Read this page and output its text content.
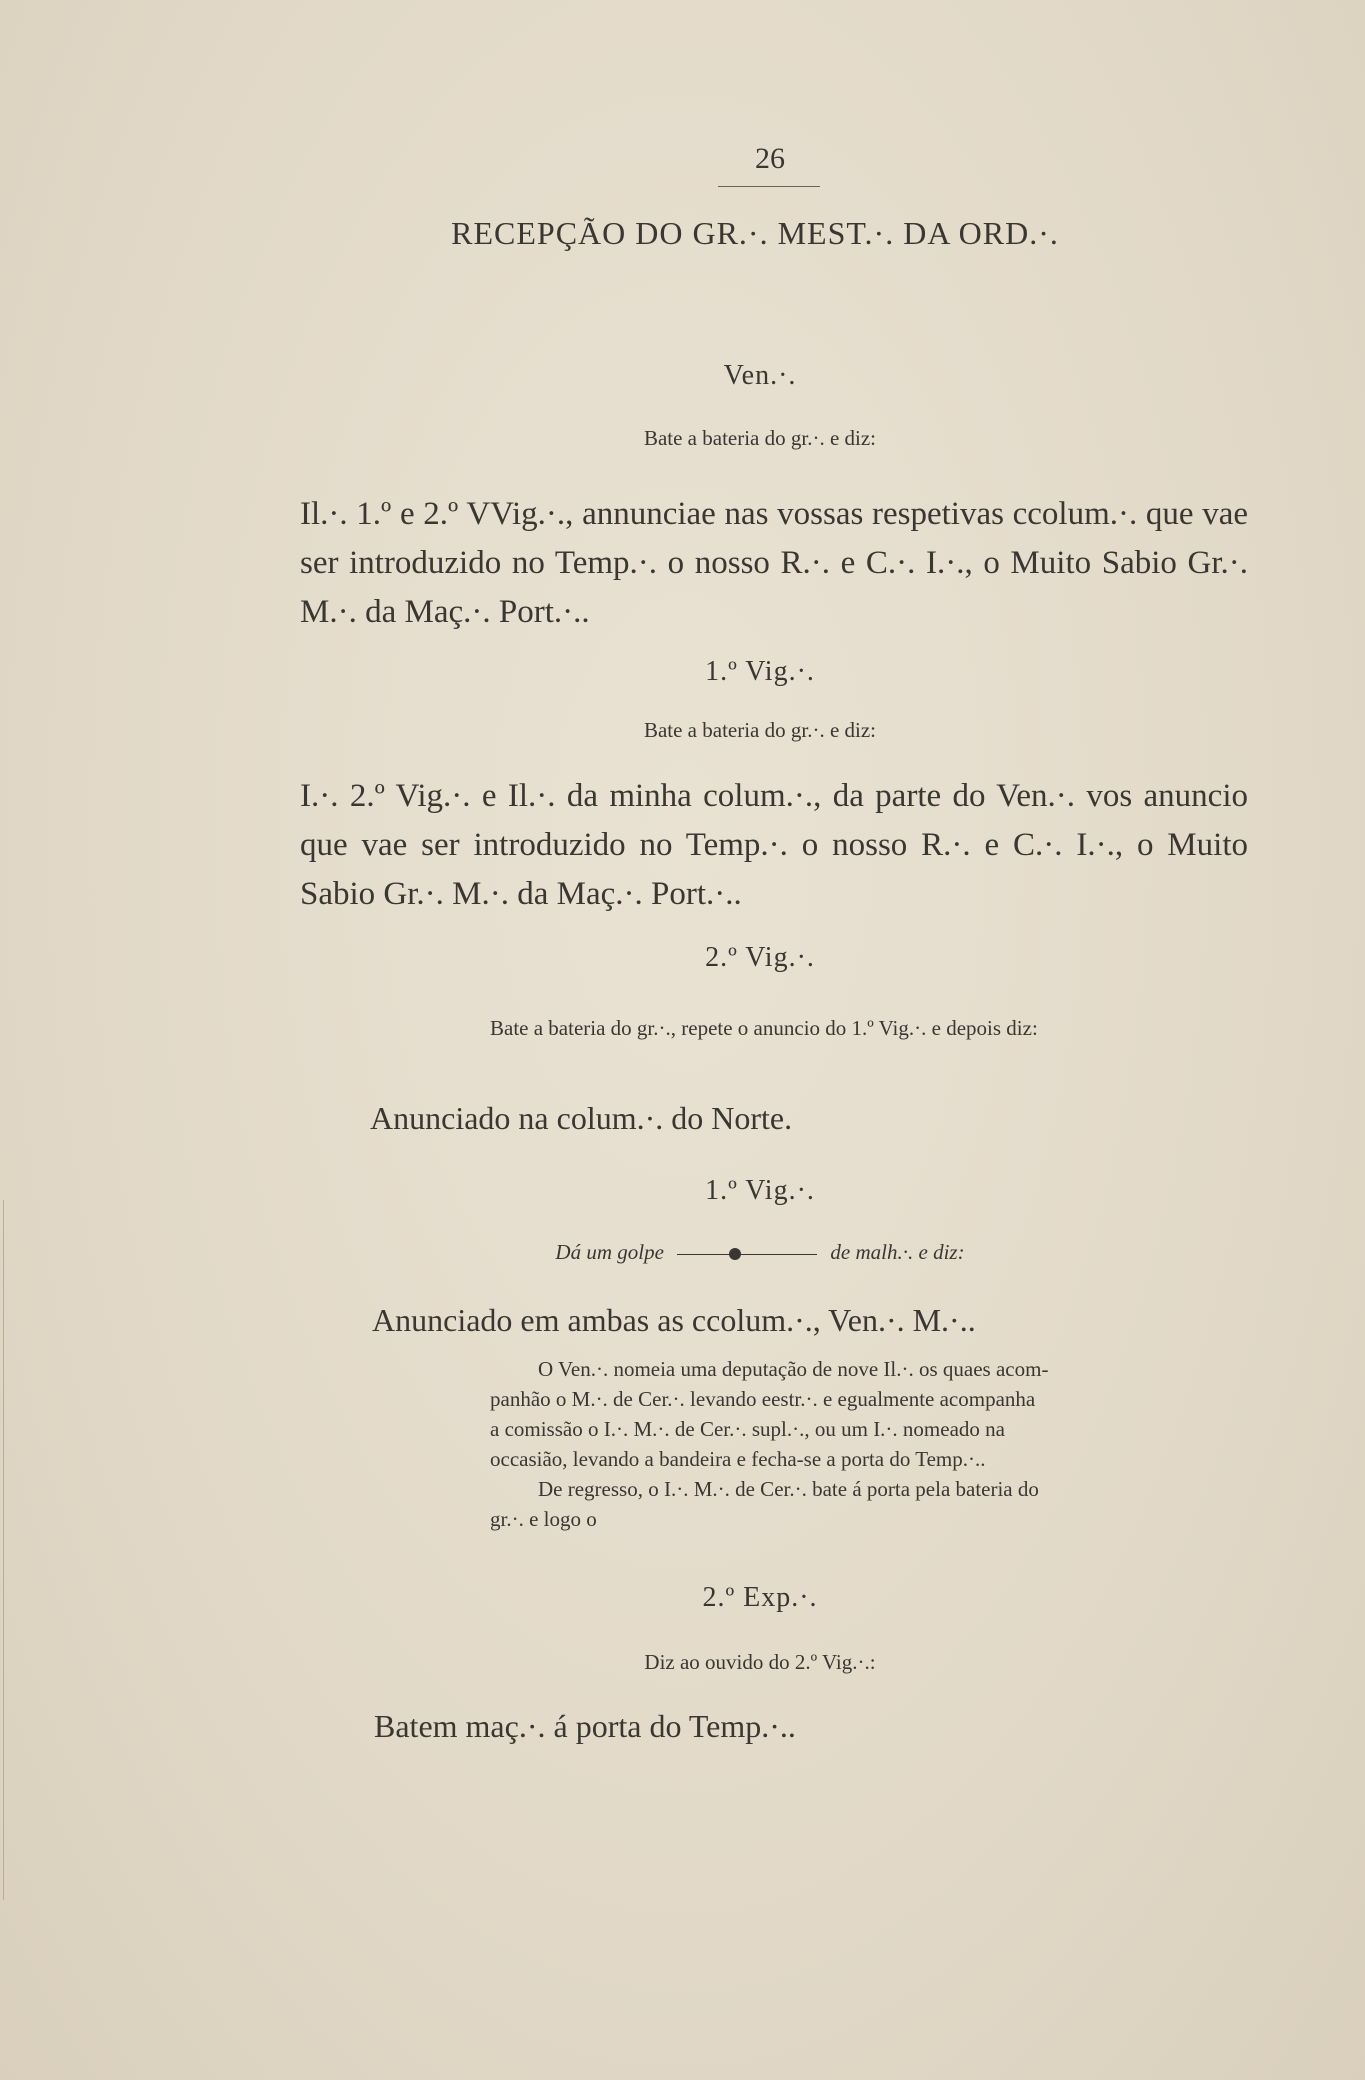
26
RECEPÇÃO DO GR.·. MEST.·. DA ORD.·.
Ven.·.
Bate a bateria do gr.·. e diz:
Il.·. 1.º e 2.º VVig.·., annunciae nas vossas respetivas ccolum.·. que vae ser introduzido no Temp.·. o nosso R.·. e C.·. I.·., o Muito Sabio Gr.·. M.·. da Maç.·. Port.·..
1.º Vig.·.
Bate a bateria do gr.·. e diz:
I.·. 2.º Vig.·. e Il.·. da minha colum.·., da parte do Ven.·. vos anuncio que vae ser introduzido no Temp.·. o nosso R.·. e C.·. I.·., o Muito Sabio Gr.·. M.·. da Maç.·. Port.·..
2.º Vig.·.
Bate a bateria do gr.·., repete o anuncio do 1.º Vig.·. e depois diz:
Anunciado na colum.·. do Norte.
1.º Vig.·.
Dá um golpe	de malh.·. e diz:
Anunciado em ambas as ccolum.·., Ven.·. M.·..
O Ven.·. nomeia uma deputação de nove Il.·. os quaes acom-
panhão o M.·. de Cer.·. levando eestr.·. e egualmente acompanha
a comissão o I.·. M.·. de Cer.·. supl.·., ou um I.·. nomeado na
occasião, levando a bandeira e fecha-se a porta do Temp.·..
De regresso, o I.·. M.·. de Cer.·. bate á porta pela bateria do
gr.·. e logo o
2.º Exp.·.
Diz ao ouvido do 2.º Vig.·.:
Batem maç.·. á porta do Temp.·..
